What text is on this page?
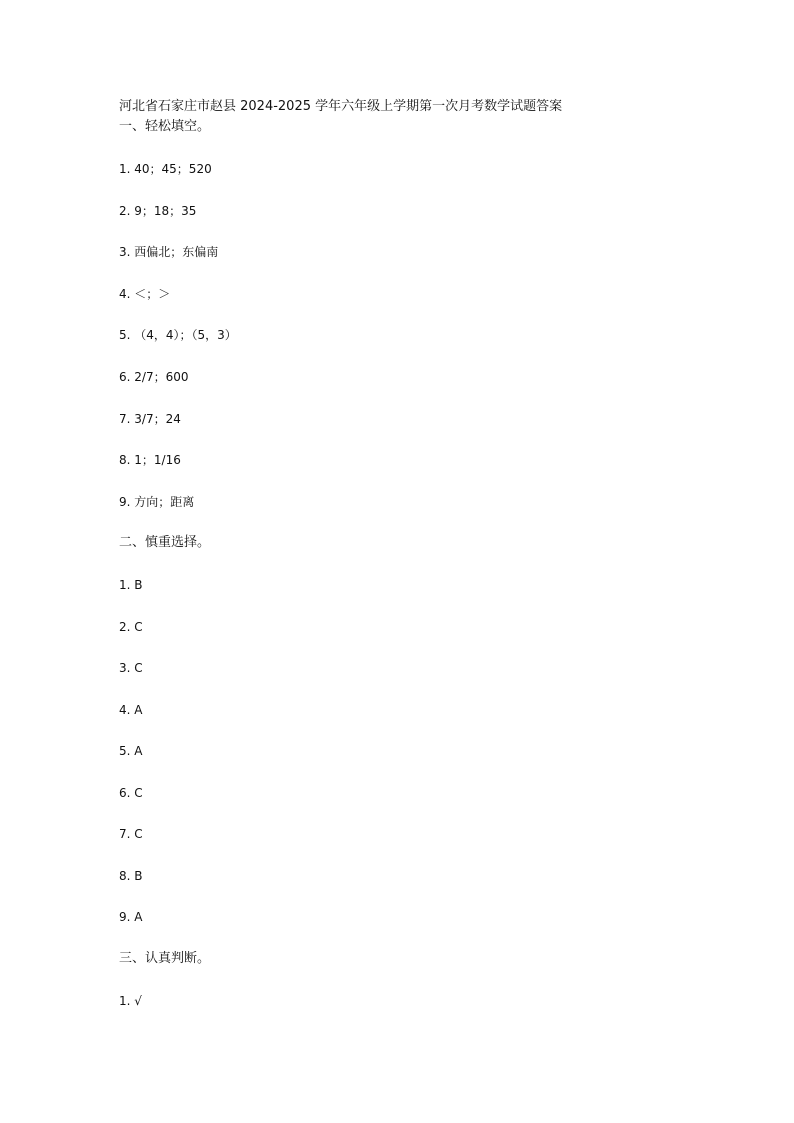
河北省石家庄市赵县 2024-2025 学年六年级上学期第一次月考数学试题答案
一、轻松填空。
1. 40；45；520
2. 9；18；35
3. 西偏北；东偏南
4. ＜；＞
5. （4，4）；（5，3）
6. 2/7；600
7. 3/7；24
8. 1；1/16
9. 方向；距离
二、慎重选择。
1. B
2. C
3. C
4. A
5. A
6. C
7. C
8. B
9. A
三、认真判断。
1. √
